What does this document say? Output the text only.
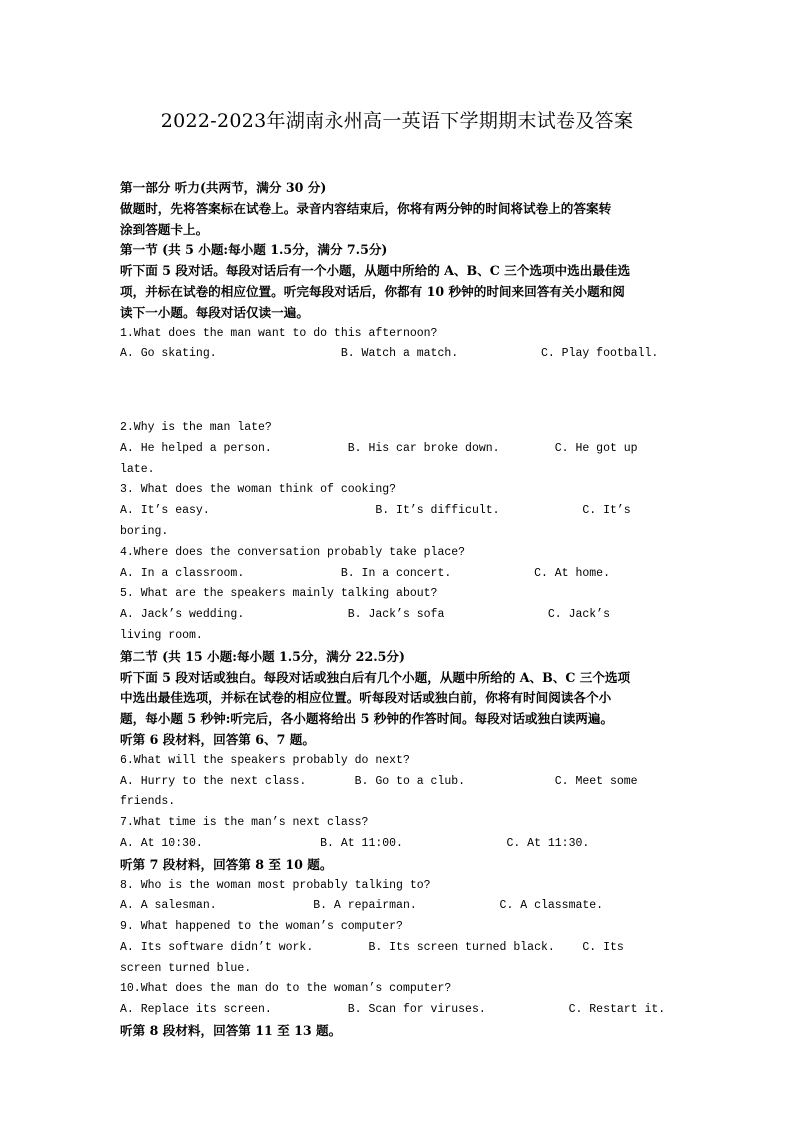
2022-2023年湖南永州高一英语下学期期末试卷及答案

第一部分 听力(共两节，满分 30 分)

做题时，先将答案标在试卷上。录音内容结束后，你将有两分钟的时间将试卷上的答案转

涂到答题卡上。

第一节 (共 5 小题:每小题 1.5分，满分 7.5分)

听下面 5 段对话。每段对话后有一个小题，从题中所给的 A、B、C 三个选项中选出最佳选

项，并标在试卷的相应位置。听完每段对话后，你都有 10 秒钟的时间来回答有关小题和阅

读下一小题。每段对话仅读一遍。

1.What does the man want to do this afternoon?

A. Go skating.                  B. Watch a match.            C. Play football.

2.Why is the man late?

A. He helped a person.           B. His car broke down.        C. He got up

late.

3. What does the woman think of cooking?

A. It’s easy.                        B. It’s difficult.            C. It’s

boring.

4.Where does the conversation probably take place?

A. In a classroom.              B. In a concert.            C. At home.

5. What are the speakers mainly talking about?

A. Jack’s wedding.               B. Jack’s sofa               C. Jack’s

living room.

第二节 (共 15 小题:每小题 1.5分，满分 22.5分)

听下面 5 段对话或独白。每段对话或独白后有几个小题，从题中所给的 A、B、C 三个选项

中选出最佳选项，并标在试卷的相应位置。听每段对话或独白前，你将有时间阅读各个小

题，每小题 5 秒钟:听完后，各小题将给出 5 秒钟的作答时间。每段对话或独白读两遍。

听第 6 段材料，回答第 6、7 题。

6.What will the speakers probably do next?

A. Hurry to the next class.       B. Go to a club.             C. Meet some

friends.

7.What time is the man’s next class?

A. At 10:30.                 B. At 11:00.               C. At 11:30.

听第 7 段材料，回答第 8 至 10 题。

8. Who is the woman most probably talking to?

A. A salesman.              B. A repairman.            C. A classmate.

9. What happened to the woman’s computer?

A. Its software didn’t work.        B. Its screen turned black.    C. Its

screen turned blue.

10.What does the man do to the woman’s computer?

A. Replace its screen.           B. Scan for viruses.            C. Restart it.

听第 8 段材料，回答第 11 至 13 题。
